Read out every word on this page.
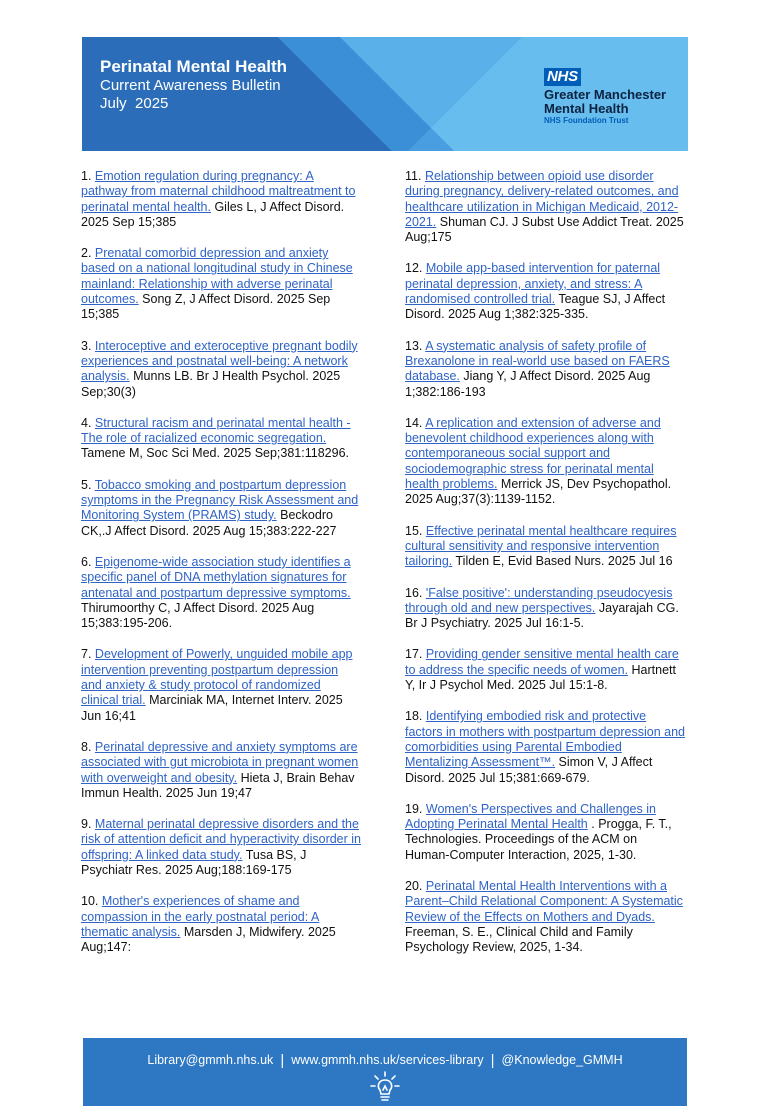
Perinatal Mental Health
Current Awareness Bulletin
July  2025
NHS
Greater Manchester
Mental Health
NHS Foundation Trust
1. Emotion regulation during pregnancy: A pathway from maternal childhood maltreatment to perinatal mental health. Giles L, J Affect Disord. 2025 Sep 15;385
2. Prenatal comorbid depression and anxiety based on a national longitudinal study in Chinese mainland: Relationship with adverse perinatal outcomes. Song Z, J Affect Disord. 2025 Sep 15;385
3. Interoceptive and exteroceptive pregnant bodily experiences and postnatal well-being: A network analysis. Munns LB. Br J Health Psychol. 2025 Sep;30(3)
4. Structural racism and perinatal mental health - The role of racialized economic segregation. Tamene M, Soc Sci Med. 2025 Sep;381:118296.
5. Tobacco smoking and postpartum depression symptoms in the Pregnancy Risk Assessment and Monitoring System (PRAMS) study. Beckodro CK,.J Affect Disord. 2025 Aug 15;383:222-227
6. Epigenome-wide association study identifies a specific panel of DNA methylation signatures for antenatal and postpartum depressive symptoms. Thirumoorthy C, J Affect Disord. 2025 Aug 15;383:195-206.
7. Development of Powerly, unguided mobile app intervention preventing postpartum depression and anxiety & study protocol of randomized clinical trial. Marciniak MA, Internet Interv. 2025 Jun 16;41
8. Perinatal depressive and anxiety symptoms are associated with gut microbiota in pregnant women with overweight and obesity. Hieta J, Brain Behav Immun Health. 2025 Jun 19;47
9. Maternal perinatal depressive disorders and the risk of attention deficit and hyperactivity disorder in offspring: A linked data study. Tusa BS, J Psychiatr Res. 2025 Aug;188:169-175
10. Mother's experiences of shame and compassion in the early postnatal period: A thematic analysis. Marsden J, Midwifery. 2025 Aug;147:
11. Relationship between opioid use disorder during pregnancy, delivery-related outcomes, and healthcare utilization in Michigan Medicaid, 2012-2021. Shuman CJ. J Subst Use Addict Treat. 2025 Aug;175
12. Mobile app-based intervention for paternal perinatal depression, anxiety, and stress: A randomised controlled trial. Teague SJ, J Affect Disord. 2025 Aug 1;382:325-335.
13. A systematic analysis of safety profile of Brexanolone in real-world use based on FAERS database. Jiang Y, J Affect Disord. 2025 Aug 1;382:186-193
14. A replication and extension of adverse and benevolent childhood experiences along with contemporaneous social support and sociodemographic stress for perinatal mental health problems. Merrick JS, Dev Psychopathol. 2025 Aug;37(3):1139-1152.
15. Effective perinatal mental healthcare requires cultural sensitivity and responsive intervention tailoring. Tilden E, Evid Based Nurs. 2025 Jul 16
16. 'False positive': understanding pseudocyesis through old and new perspectives. Jayarajah CG. Br J Psychiatry. 2025 Jul 16:1-5.
17. Providing gender sensitive mental health care to address the specific needs of women. Hartnett Y, Ir J Psychol Med. 2025 Jul 15:1-8.
18. Identifying embodied risk and protective factors in mothers with postpartum depression and comorbidities using Parental Embodied Mentalizing Assessment™. Simon V, J Affect Disord. 2025 Jul 15;381:669-679.
19. Women's Perspectives and Challenges in Adopting Perinatal Mental Health . Progga, F. T., Technologies. Proceedings of the ACM on Human-Computer Interaction, 2025, 1-30.
20. Perinatal Mental Health Interventions with a Parent–Child Relational Component: A Systematic Review of the Effects on Mothers and Dyads. Freeman, S. E., Clinical Child and Family Psychology Review, 2025, 1-34.
Library@gmmh.nhs.uk | www.gmmh.nhs.uk/services-library | @Knowledge_GMMH
